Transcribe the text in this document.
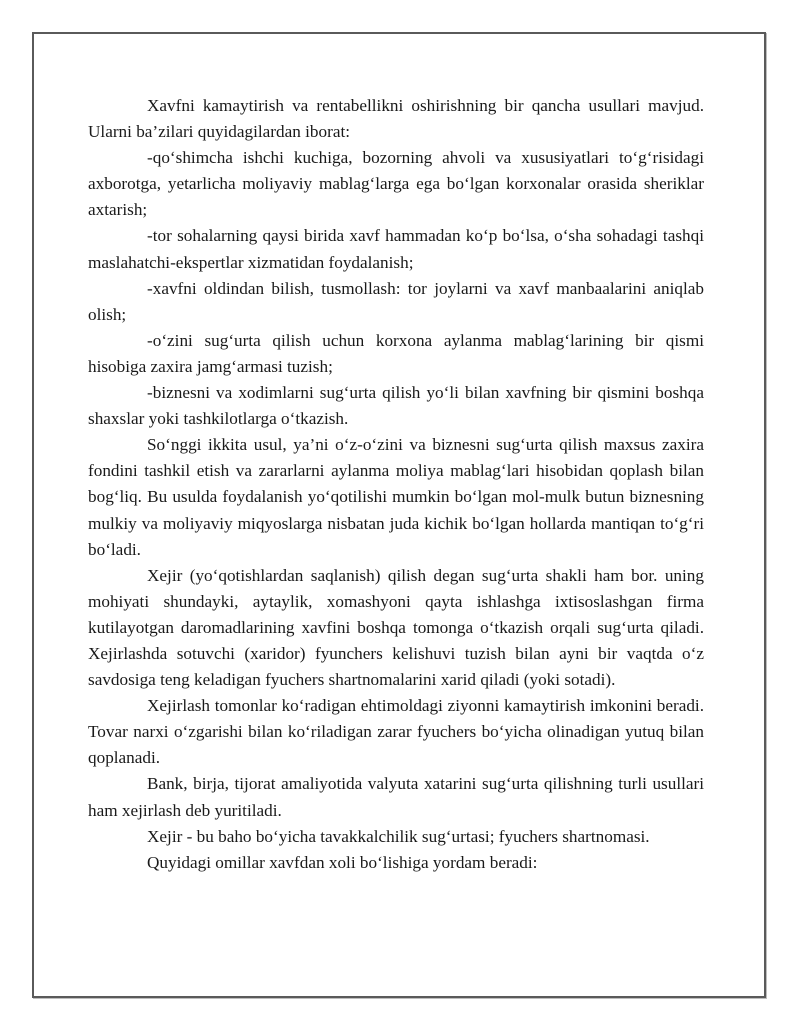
Xavfni kamaytirish va rentabellikni oshirishning bir qancha usullari mavjud. Ularni ba’zilari quyidagilardan iborat:

-qo‘shimcha ishchi kuchiga, bozorning ahvoli va xususiyatlari to‘g‘risidagi axborotga, yetarlicha moliyaviy mablag‘larga ega bo‘lgan korxonalar orasida sheriklar axtarish;

-tor sohalarning qaysi birida xavf hammadan ko‘p bo‘lsa, o‘sha sohadagi tashqi maslahatchi-ekspertlar xizmatidan foydalanish;

-xavfni oldindan bilish, tusmollash: tor joylarni va xavf manbaalarini aniqlab olish;

-o‘zini sug‘urta qilish uchun korxona aylanma mablag‘larining bir qismi hisobiga zaxira jamg‘armasi tuzish;

-biznesni va xodimlarni sug‘urta qilish yo‘li bilan xavfning bir qismini boshqa shaxslar yoki tashkilotlarga o‘tkazish.

So‘nggi ikkita usul, ya’ni o‘z-o‘zini va biznesni sug‘urta qilish maxsus zaxira fondini tashkil etish va zararlarni aylanma moliya mablag‘lari hisobidan qoplash bilan bog‘liq. Bu usulda foydalanish yo‘qotilishi mumkin bo‘lgan mol-mulk butun biznesning mulkiy va moliyaviy miqyoslarga nisbatan juda kichik bo‘lgan hollarda mantiqan to‘g‘ri bo‘ladi.

Xejir (yo‘qotishlardan saqlanish) qilish degan sug‘urta shakli ham bor. uning mohiyati shundayki, aytaylik, xomashyoni qayta ishlashga ixtisoslashgan firma kutilayotgan daromadlarining xavfini boshqa tomonga o‘tkazish orqali sug‘urta qiladi. Xejirlashda sotuvchi (xaridor) fyunchers kelishuvi tuzish bilan ayni bir vaqtda o‘z savdosiga teng keladigan fyuchers shartnomalarini xarid qiladi (yoki sotadi).

Xejirlash tomonlar ko‘radigan ehtimoldagi ziyonni kamaytirish imkonini beradi. Tovar narxi o‘zgarishi bilan ko‘riladigan zarar fyuchers bo‘yicha olinadigan yutuq bilan qoplanadi.

Bank, birja, tijorat amaliyotida valyuta xatarini sug‘urta qilishning turli usullari ham xejirlash deb yuritiladi.

Xejir - bu baho bo‘yicha tavakkalchilik sug‘urtasi; fyuchers shartnomasi.

Quyidagi omillar xavfdan xoli bo‘lishiga yordam beradi:
